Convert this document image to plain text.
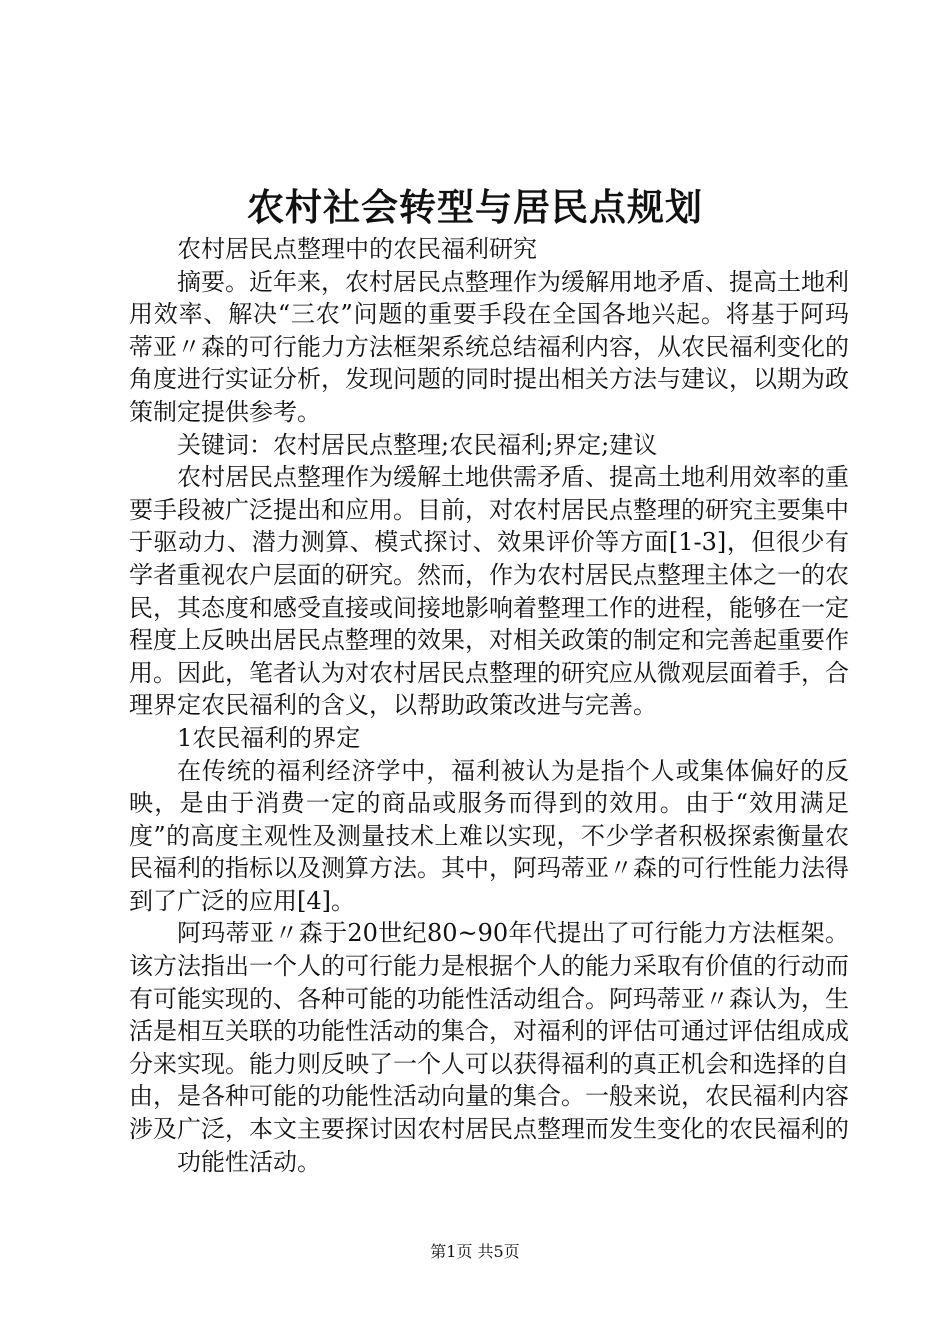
农村社会转型与居民点规划

农村居民点整理中的农民福利研究

摘要。近年来，农村居民点整理作为缓解用地矛盾、提高土地利用效率、解决“三农”问题的重要手段在全国各地兴起。将基于阿玛蒂亚〃森的可行能力方法框架系统总结福利内容，从农民福利变化的角度进行实证分析，发现问题的同时提出相关方法与建议，以期为政策制定提供参考。

关键词：农村居民点整理;农民福利;界定;建议

农村居民点整理作为缓解土地供需矛盾、提高土地利用效率的重要手段被广泛提出和应用。目前，对农村居民点整理的研究主要集中于驱动力、潜力测算、模式探讨、效果评价等方面[1-3]，但很少有学者重视农户层面的研究。然而，作为农村居民点整理主体之一的农民，其态度和感受直接或间接地影响着整理工作的进程，能够在一定程度上反映出居民点整理的效果，对相关政策的制定和完善起重要作用。因此，笔者认为对农村居民点整理的研究应从微观层面着手，合理界定农民福利的含义，以帮助政策改进与完善。

1农民福利的界定

在传统的福利经济学中，福利被认为是指个人或集体偏好的反映，是由于消费一定的商品或服务而得到的效用。由于“效用满足度”的高度主观性及测量技术上难以实现，不少学者积极探索衡量农民福利的指标以及测算方法。其中，阿玛蒂亚〃森的可行性能力法得到了广泛的应用[4]。

阿玛蒂亚〃森于20世纪80~90年代提出了可行能力方法框架。该方法指出一个人的可行能力是根据个人的能力采取有价值的行动而有可能实现的、各种可能的功能性活动组合。阿玛蒂亚〃森认为，生活是相互关联的功能性活动的集合，对福利的评估可通过评估组成成分来实现。能力则反映了一个人可以获得福利的真正机会和选择的自由，是各种可能的功能性活动向量的集合。一般来说，农民福利内容涉及广泛，本文主要探讨因农村居民点整理而发生变化的农民福利的

功能性活动。

第1页 共5页
